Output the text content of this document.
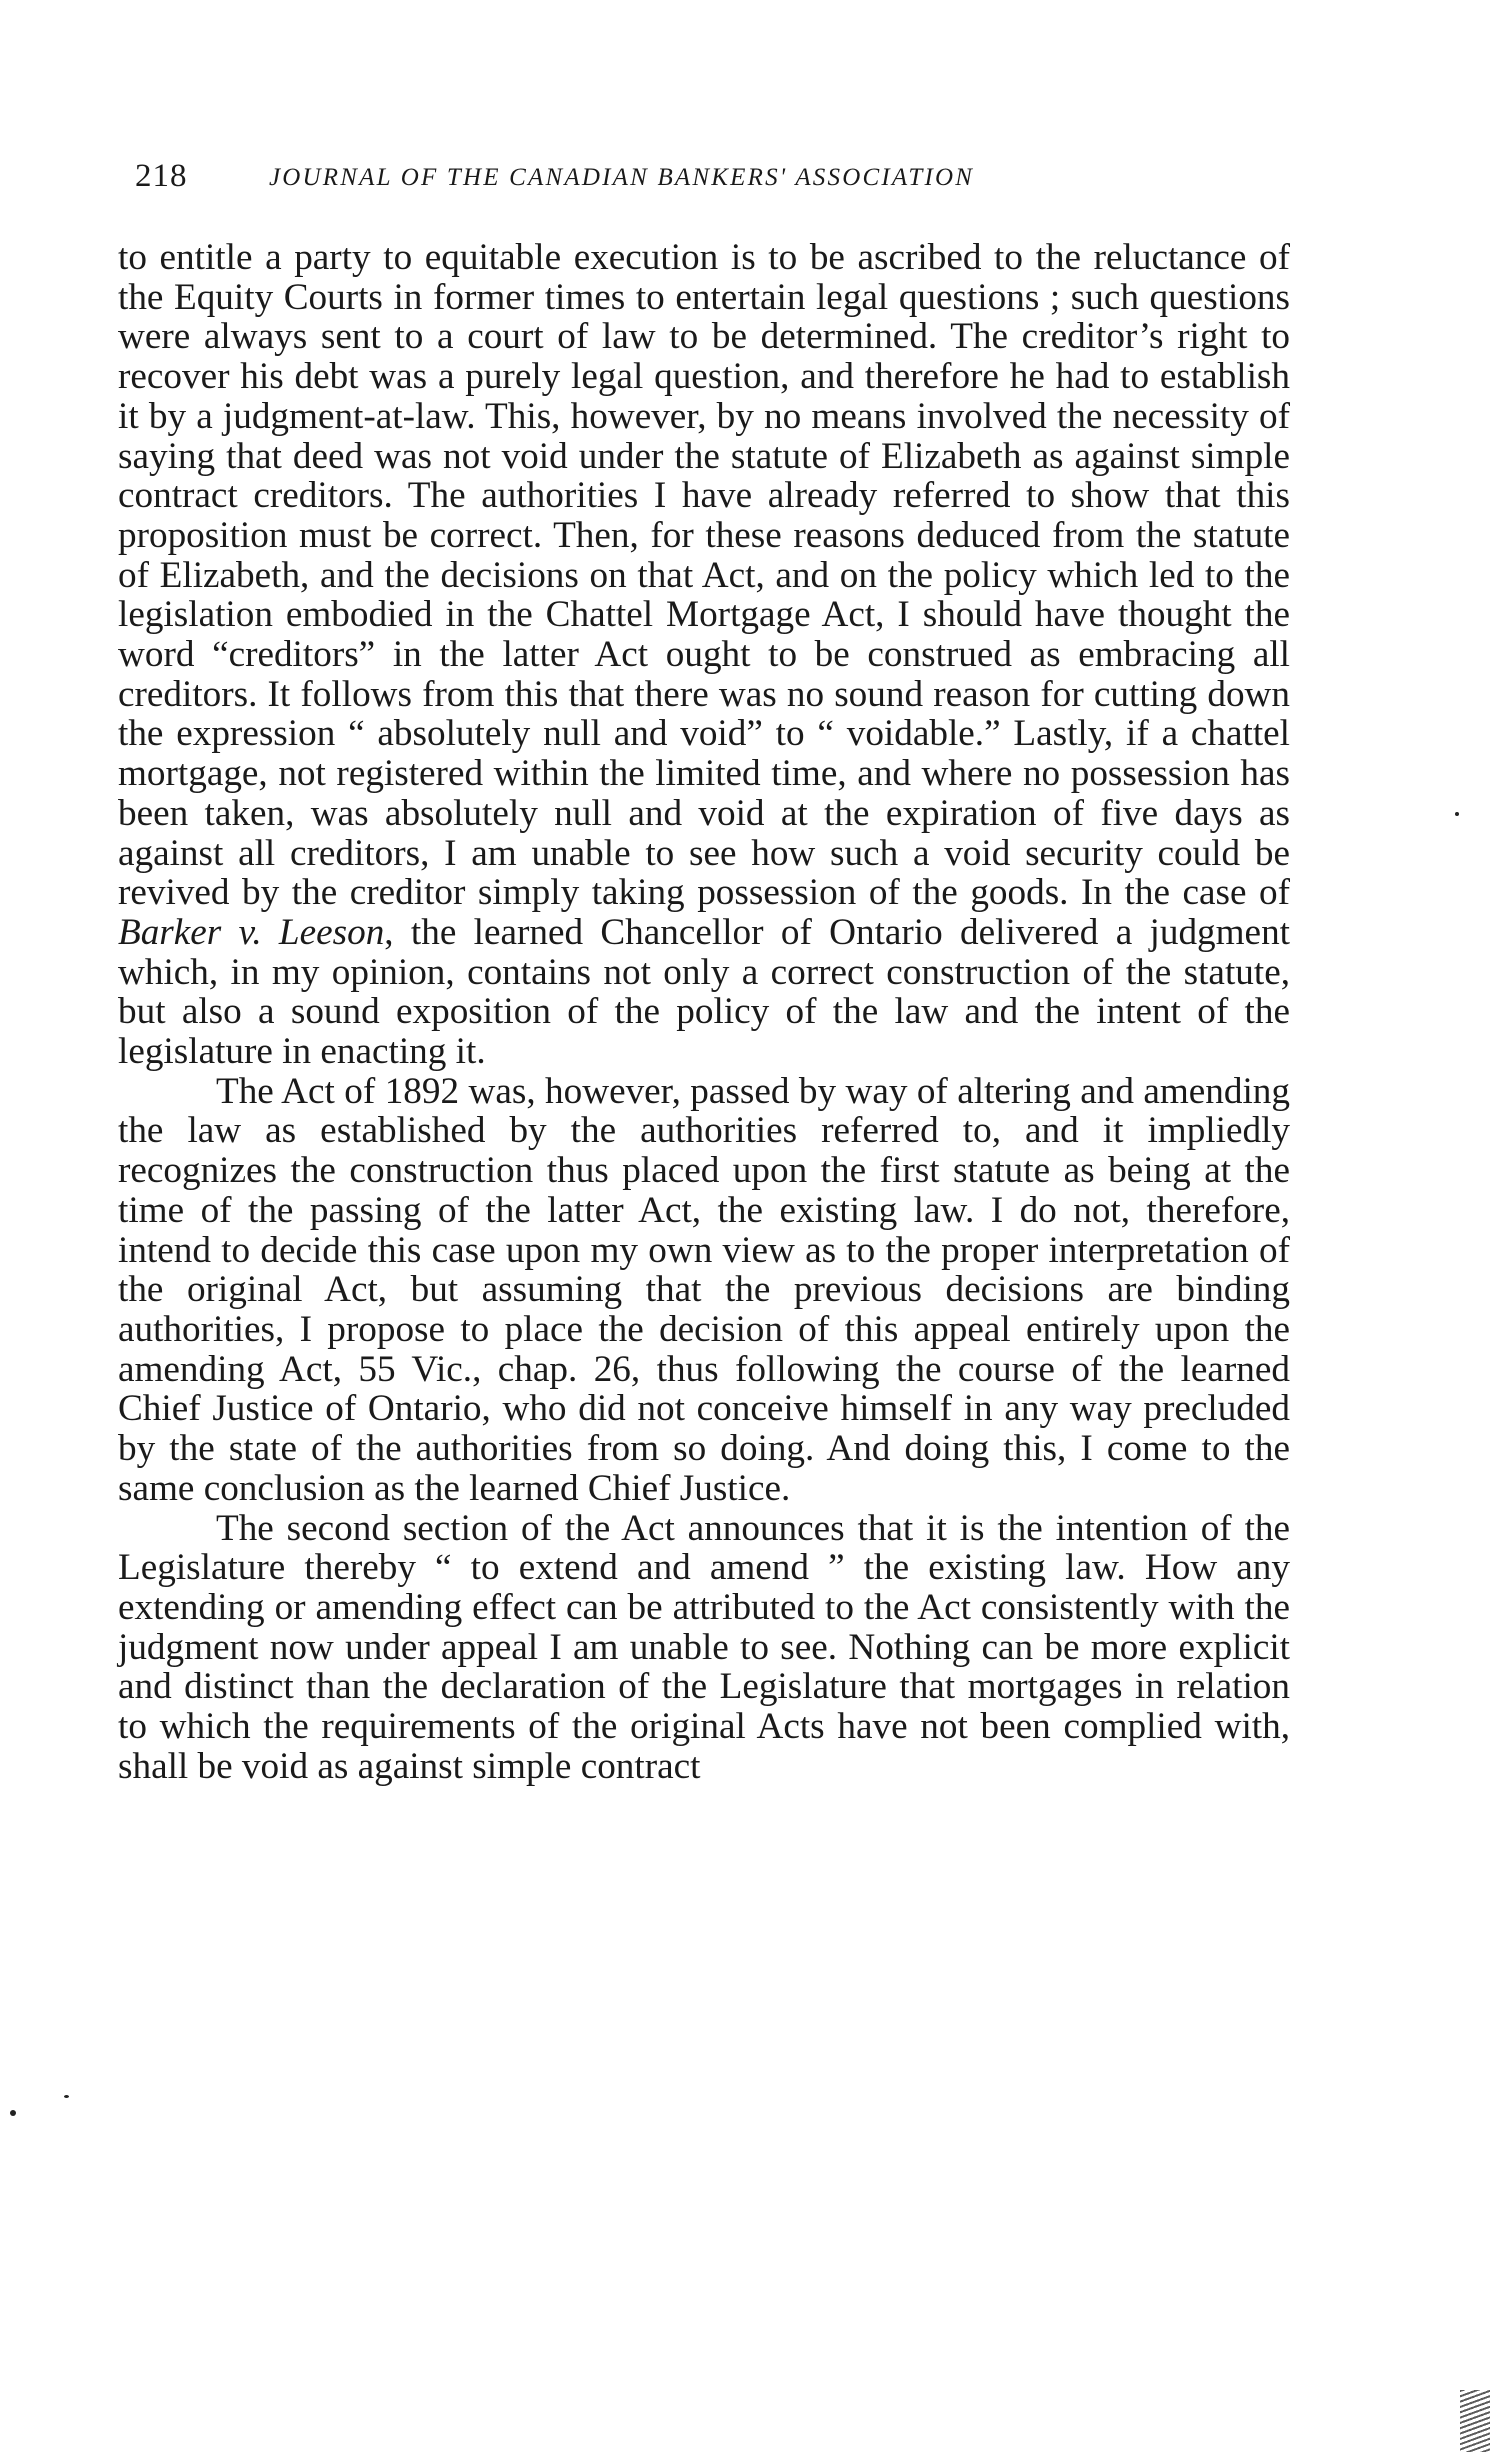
218	JOURNAL OF THE CANADIAN BANKERS' ASSOCIATION

to entitle a party to equitable execution is to be ascribed to the reluctance of the Equity Courts in former times to entertain legal questions ; such questions were always sent to a court of law to be determined. The creditor’s right to recover his debt was a purely legal question, and therefore he had to establish it by a judgment-at-law. This, however, by no means involved the necessity of saying that deed was not void under the statute of Elizabeth as against simple contract creditors. The authorities I have already referred to show that this proposition must be correct. Then, for these reasons deduced from the statute of Elizabeth, and the decisions on that Act, and on the policy which led to the legislation embodied in the Chattel Mortgage Act, I should have thought the word “creditors” in the latter Act ought to be construed as embracing all creditors. It follows from this that there was no sound reason for cutting down the expression “ absolutely null and void” to “ voidable.” Lastly, if a chattel mortgage, not registered within the limited time, and where no possession has been taken, was absolutely null and void at the expiration of five days as against all creditors, I am unable to see how such a void security could be revived by the creditor simply taking possession of the goods. In the case of Barker v. Leeson, the learned Chancellor of Ontario delivered a judgment which, in my opinion, contains not only a correct construction of the statute, but also a sound exposition of the policy of the law and the intent of the legislature in enacting it.

The Act of 1892 was, however, passed by way of altering and amending the law as established by the authorities referred to, and it impliedly recognizes the construction thus placed upon the first statute as being at the time of the passing of the latter Act, the existing law. I do not, therefore, intend to decide this case upon my own view as to the proper interpretation of the original Act, but assuming that the previous decisions are binding authorities, I propose to place the decision of this appeal entirely upon the amending Act, 55 Vic., chap. 26, thus following the course of the learned Chief Justice of Ontario, who did not conceive himself in any way precluded by the state of the authorities from so doing. And doing this, I come to the same conclusion as the learned Chief Justice.

The second section of the Act announces that it is the intention of the Legislature thereby “ to extend and amend ” the existing law. How any extending or amending effect can be attributed to the Act consistently with the judgment now under appeal I am unable to see. Nothing can be more explicit and distinct than the declaration of the Legislature that mortgages in relation to which the requirements of the original Acts have not been complied with, shall be void as against simple contract
